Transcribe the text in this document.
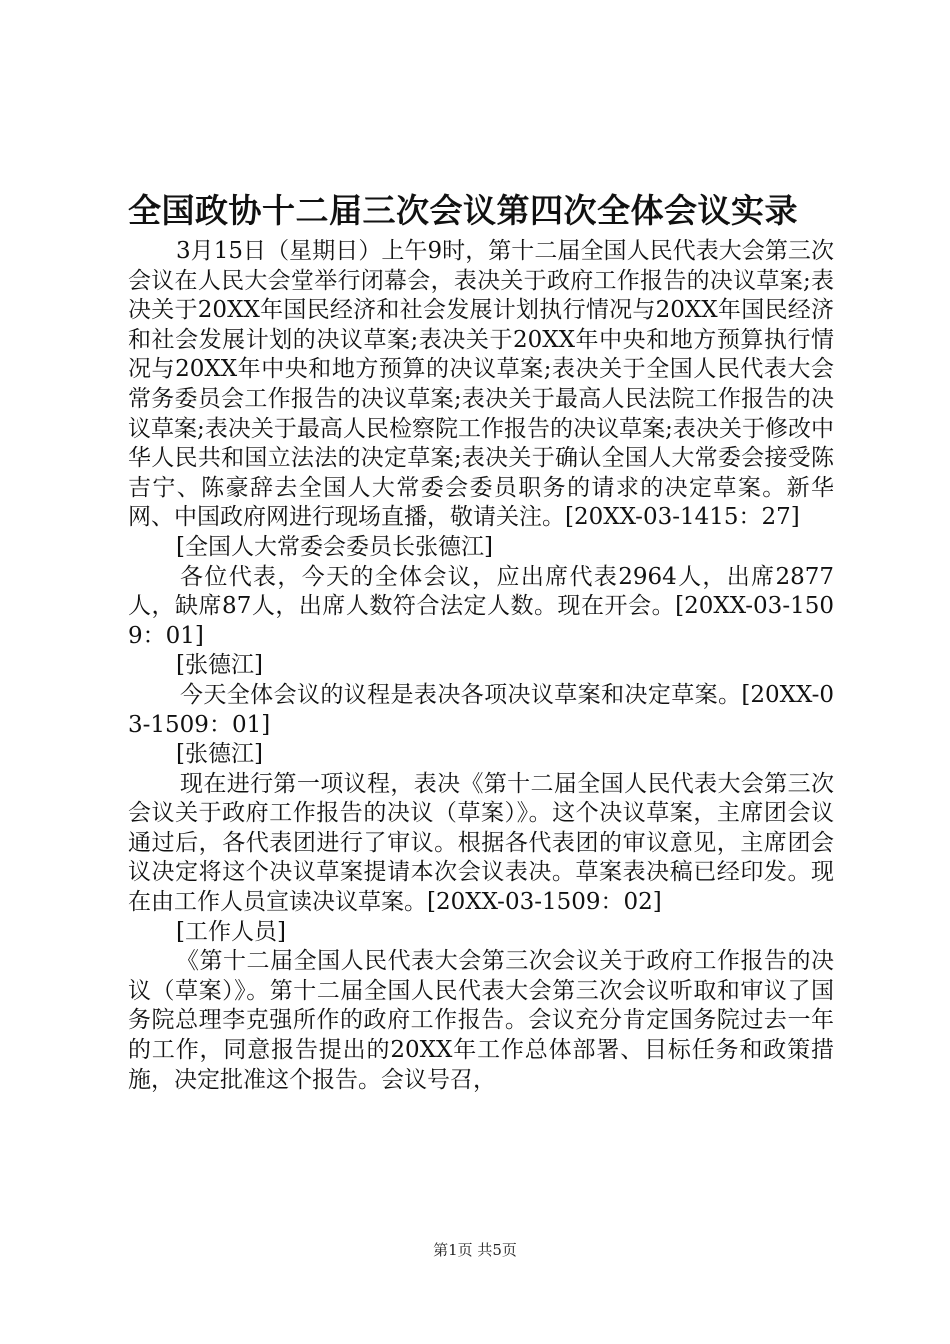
全国政协十二届三次会议第四次全体会议实录

3月15日（星期日）上午9时，第十二届全国人民代表大会第三次会议在人民大会堂举行闭幕会，表决关于政府工作报告的决议草案;表决关于20XX年国民经济和社会发展计划执行情况与20XX年国民经济和社会发展计划的决议草案;表决关于20XX年中央和地方预算执行情况与20XX年中央和地方预算的决议草案;表决关于全国人民代表大会常务委员会工作报告的决议草案;表决关于最高人民法院工作报告的决议草案;表决关于最高人民检察院工作报告的决议草案;表决关于修改中华人民共和国立法法的决定草案;表决关于确认全国人大常委会接受陈吉宁、陈豪辞去全国人大常委会委员职务的请求的决定草案。新华网、中国政府网进行现场直播，敬请关注。[20XX-03-1415：27]

[全国人大常委会委员长张德江]

各位代表，今天的全体会议，应出席代表2964人，出席2877人，缺席87人，出席人数符合法定人数。现在开会。[20XX-03-1509：01]

[张德江]

今天全体会议的议程是表决各项决议草案和决定草案。[20XX-03-1509：01]

[张德江]

现在进行第一项议程，表决《第十二届全国人民代表大会第三次会议关于政府工作报告的决议（草案）》。这个决议草案，主席团会议通过后，各代表团进行了审议。根据各代表团的审议意见，主席团会议决定将这个决议草案提请本次会议表决。草案表决稿已经印发。现在由工作人员宣读决议草案。[20XX-03-1509：02]

[工作人员]

《第十二届全国人民代表大会第三次会议关于政府工作报告的决议（草案）》。第十二届全国人民代表大会第三次会议听取和审议了国务院总理李克强所作的政府工作报告。会议充分肯定国务院过去一年的工作，同意报告提出的20XX年工作总体部署、目标任务和政策措施，决定批准这个报告。会议号召，

第1页 共5页
